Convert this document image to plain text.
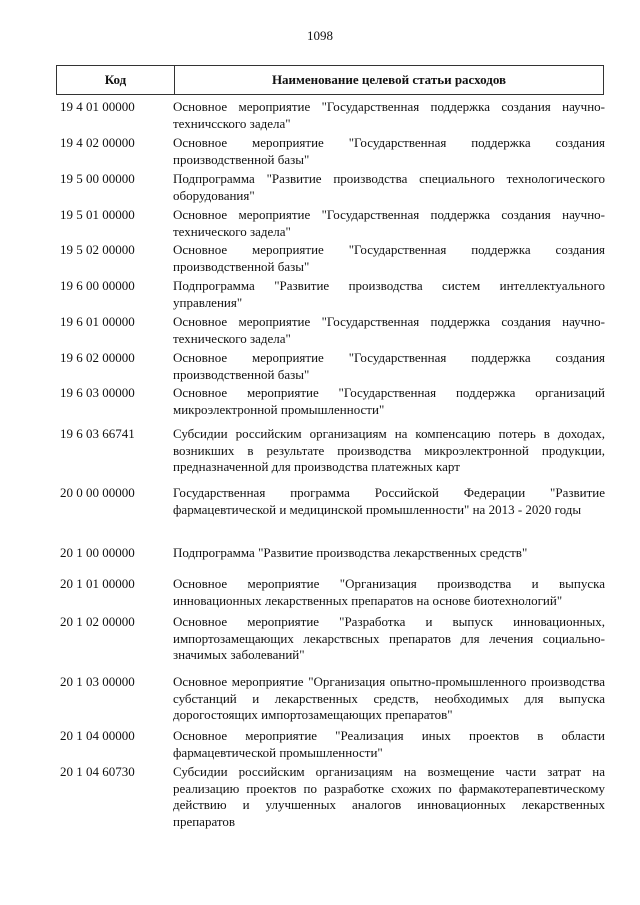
1098
Код	Наименование целевой статьи расходов
19 4 01 00000	Основное мероприятие "Государственная поддержка создания научно-техничсского задела"
19 4 02 00000	Основное мероприятие "Государственная поддержка создания производственной базы"
19 5 00 00000	Подпрограмма "Развитие производства специального технологического оборудования"
19 5 01 00000	Основное мероприятие "Государственная поддержка создания научно-технического задела"
19 5 02 00000	Основное мероприятие "Государственная поддержка создания производственной базы"
19 6 00 00000	Подпрограмма "Развитие производства систем интеллектуального управления"
19 6 01 00000	Основное мероприятие "Государственная поддержка создания научно-технического задела"
19 6 02 00000	Основное мероприятие "Государственная поддержка создания производственной базы"
19 6 03 00000	Основное мероприятие "Государственная поддержка организаций микроэлектронной промышленности"
19 6 03 66741	Субсидии российским организациям на компенсацию потерь в доходах, возникших в результате производства микроэлектронной продукции, предназначенной для производства платежных карт
20 0 00 00000	Государственная программа Российской Федерации "Развитие фармацевтической и медицинской промышленности" на 2013 - 2020 годы
20 1 00 00000	Подпрограмма "Развитие производства лекарственных средств"
20 1 01 00000	Основное мероприятие "Организация производства и выпуска инновационных лекарственных препаратов на основе биотехнологий"
20 1 02 00000	Основное мероприятие "Разработка и выпуск инновационных, импортозамещающих лекарствсных препаратов для лечения социально-значимых заболеваний"
20 1 03 00000	Основное мероприятие "Организация опытно-промышленного производства субстанций и лекарственных средств, необходимых для выпуска дорогостоящих импортозамещающих препаратов"
20 1 04 00000	Основное мероприятие "Реализация иных проектов в области фармацевтической промышленности"
20 1 04 60730	Субсидии российским организациям на возмещение части затрат на реализацию проектов по разработке схожих по фармакотерапевтическому действию и улучшенных аналогов инновационных лекарственных препаратов
